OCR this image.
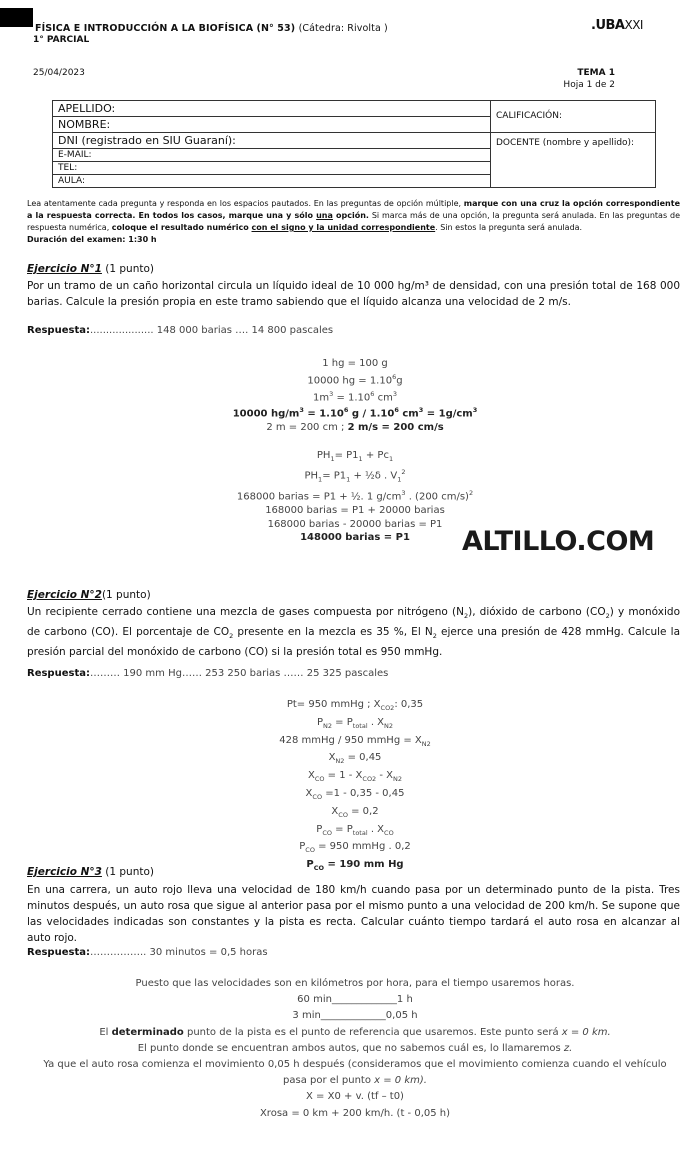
FÍSICA E INTRODUCCIÓN A LA BIOFÍSICA (N° 53) (Cátedra: Rivolta )
1° PARCIAL
.UBAXXI
25/04/2023	TEMA 1
Hoja 1 de 2
APELLIDO:	CALIFICACIÓN:
NOMBRE:	
DNI (registrado en SIU Guaraní):	DOCENTE (nombre y apellido):
E-MAIL:	
TEL:	
AULA:	
Lea atentamente cada pregunta y responda en los espacios pautados. En las preguntas de opción múltiple, marque con una cruz la opción correspondiente a la respuesta correcta. En todos los casos, marque una y sólo una opción. Si marca más de una opción, la pregunta será anulada. En las preguntas de respuesta numérica, coloque el resultado numérico con el signo y la unidad correspondiente. Sin estos la pregunta será anulada.
Duración del examen: 1:30 h
Ejercicio N°1 (1 punto)
Por un tramo de un caño horizontal circula un líquido ideal de 10 000 hg/m³ de densidad, con una presión total de 168 000 barias. Calcule la presión propia en este tramo sabiendo que el líquido alcanza una velocidad de 2 m/s.
Respuesta:.................... 148 000 barias …. 14 800 pascales
1 hg = 100 g
10000 hg = $1.10^6g$
$1m^3 = 1.10^6$ $cm^3$
10000 $hg/m^3 = 1.10^6$ g / 1.10$^6$ $cm^3 = 1g/cm^3$
2 m = 200 cm ; 2 m/s = 200 cm/s

$PH_1= P1_1 + Pc_1$
$PH_1= P1_1$ + ½δ . $V_1^2$
168000 barias = P1 + ½. 1 $g/cm^3$ . (200 cm/s)$^2$
168000 barias = P1 + 20000 barias
168000 barias - 20000 barias = P1
148000 barias = P1	ALTILLO.COM
Ejercicio N°2(1 punto)
Un recipiente cerrado contiene una mezcla de gases compuesta por nitrógeno $(N_2)$, dióxido de carbono $(CO_2)$ y monóxido de carbono (CO). El porcentaje de $CO_2$ presente en la mezcla es 35 %, El $N_2$ ejerce una presión de 428 mmHg. Calcule la presión parcial del monóxido de carbono (CO) si la presión total es 950 mmHg.
Respuesta:……… 190 mm Hg…… 253 250 barias …… 25 325 pascales
Pt= 950 mmHg ; $X_{CO2}$: 0,35
$P_{N2} = P_{total}$ . $X_{N2}$
428 mmHg / 950 mmHg = $X_{N2}$
$X_{N2} = 0,45$
$X_{CO} = 1 - X_{CO2} - X_{N2}$
$X_{CO} =1 - 0,35 - 0,45$
$X_{CO} = 0,2$
$P_{CO} = P_{total}$ . $X_{CO}$
$P_{CO} = 950$ mmHg . 0,2
$P_{CO} = 190$ mm Hg
Ejercicio N°3 (1 punto)
En una carrera, un auto rojo lleva una velocidad de 180 km/h cuando pasa por un determinado punto de la pista. Tres minutos después, un auto rosa que sigue al anterior pasa por el mismo punto a una velocidad de 200 km/h. Se supone que las velocidades indicadas son constantes y la pista es recta. Calcular cuánto tiempo tardará el auto rosa en alcanzar al auto rojo.
Respuesta:…………….. 30 minutos = 0,5 horas
Puesto que las velocidades son en kilómetros por hora, para el tiempo usaremos horas.
60 min_____________1 h
3 min_____________0,05 h
El determinado punto de la pista es el punto de referencia que usaremos. Este punto será x = 0 km.
El punto donde se encuentran ambos autos, que no sabemos cuál es, lo llamaremos z.
Ya que el auto rosa comienza el movimiento 0,05 h después (consideramos que el movimiento comienza cuando el vehículo
pasa por el punto x = 0 km).
X = X0 + v. (tf – t0)
Xrosa = 0 km + 200 km/h. (t - 0,05 h)
